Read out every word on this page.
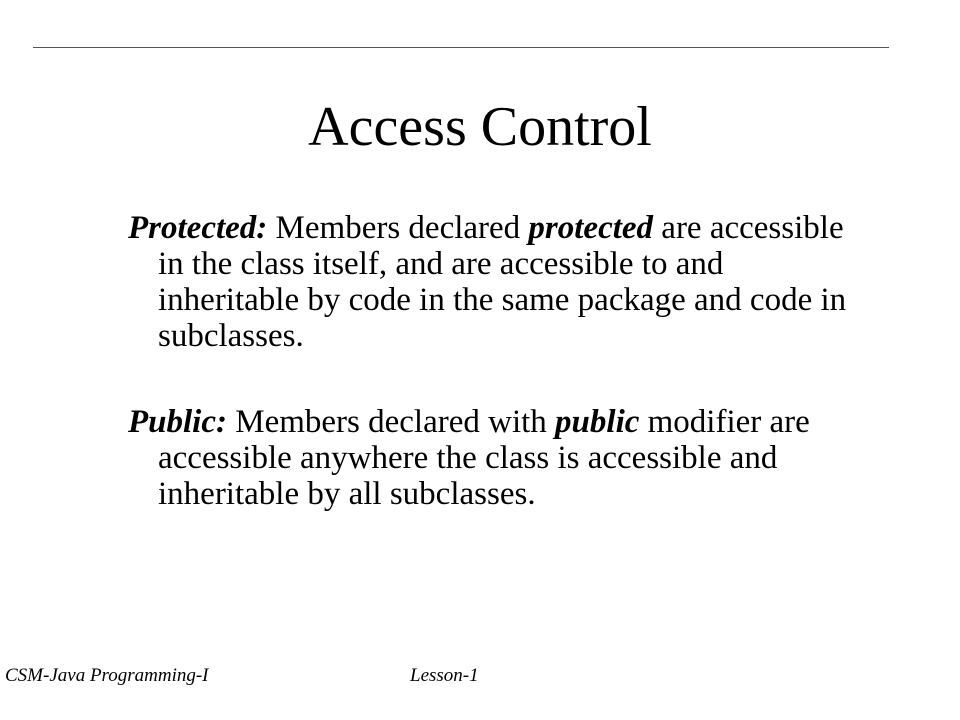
Access Control

Protected: Members declared protected are accessible in the class itself, and are accessible to and inheritable by code in the same package and code in subclasses.

Public: Members declared with public modifier are accessible anywhere the class is accessible and inheritable by all subclasses.

CSM-Java Programming-I	Lesson-1
